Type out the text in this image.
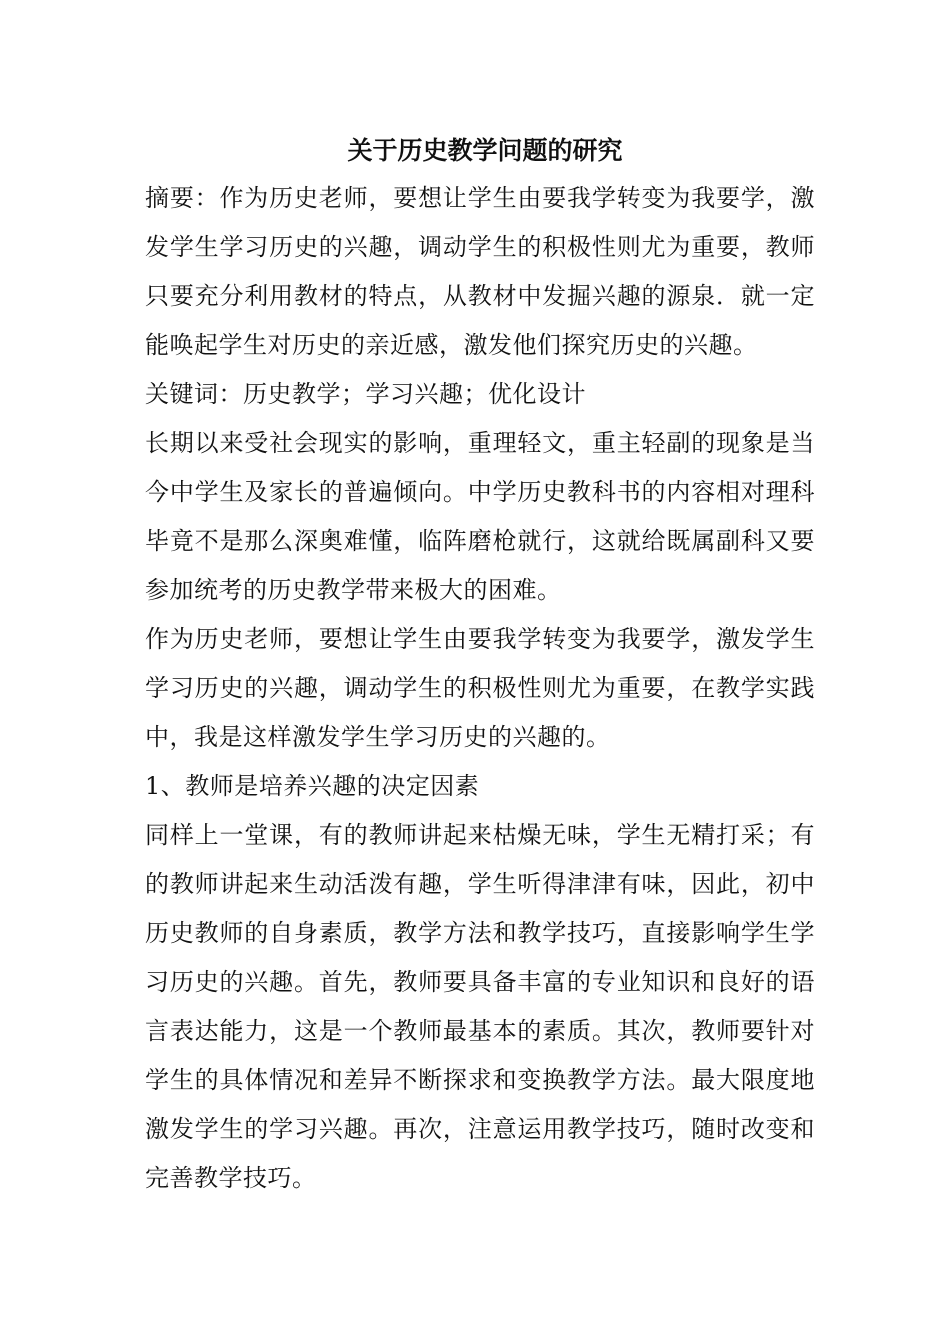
关于历史教学问题的研究

摘要：作为历史老师，要想让学生由要我学转变为我要学，激发学生学习历史的兴趣，调动学生的积极性则尤为重要，教师只要充分利用教材的特点，从教材中发掘兴趣的源泉．就一定能唤起学生对历史的亲近感，激发他们探究历史的兴趣。

关键词：历史教学；学习兴趣；优化设计

长期以来受社会现实的影响，重理轻文，重主轻副的现象是当今中学生及家长的普遍倾向。中学历史教科书的内容相对理科毕竟不是那么深奥难懂，临阵磨枪就行，这就给既属副科又要参加统考的历史教学带来极大的困难。

作为历史老师，要想让学生由要我学转变为我要学，激发学生学习历史的兴趣，调动学生的积极性则尤为重要，在教学实践中，我是这样激发学生学习历史的兴趣的。

1、教师是培养兴趣的决定因素

同样上一堂课，有的教师讲起来枯燥无味，学生无精打采；有的教师讲起来生动活泼有趣，学生听得津津有味，因此，初中历史教师的自身素质，教学方法和教学技巧，直接影响学生学习历史的兴趣。首先，教师要具备丰富的专业知识和良好的语言表达能力，这是一个教师最基本的素质。其次，教师要针对学生的具体情况和差异不断探求和变换教学方法。最大限度地激发学生的学习兴趣。再次，注意运用教学技巧，随时改变和完善教学技巧。
